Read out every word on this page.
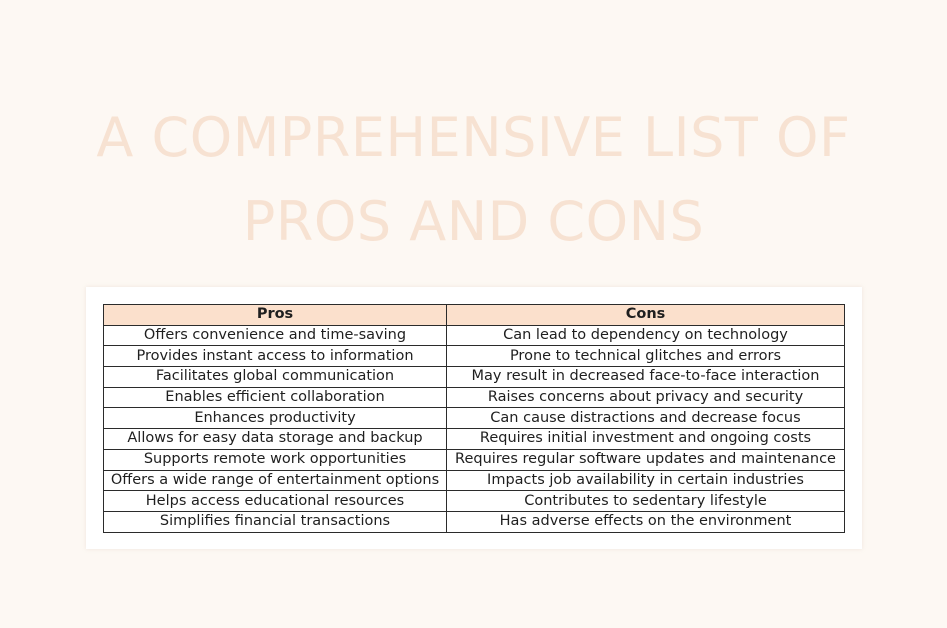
A COMPREHENSIVE LIST OF
PROS AND CONS
Pros	Cons
Offers convenience and time-saving	Can lead to dependency on technology
Provides instant access to information	Prone to technical glitches and errors
Facilitates global communication	May result in decreased face-to-face interaction
Enables efficient collaboration	Raises concerns about privacy and security
Enhances productivity	Can cause distractions and decrease focus
Allows for easy data storage and backup	Requires initial investment and ongoing costs
Supports remote work opportunities	Requires regular software updates and maintenance
Offers a wide range of entertainment options	Impacts job availability in certain industries
Helps access educational resources	Contributes to sedentary lifestyle
Simplifies financial transactions	Has adverse effects on the environment
